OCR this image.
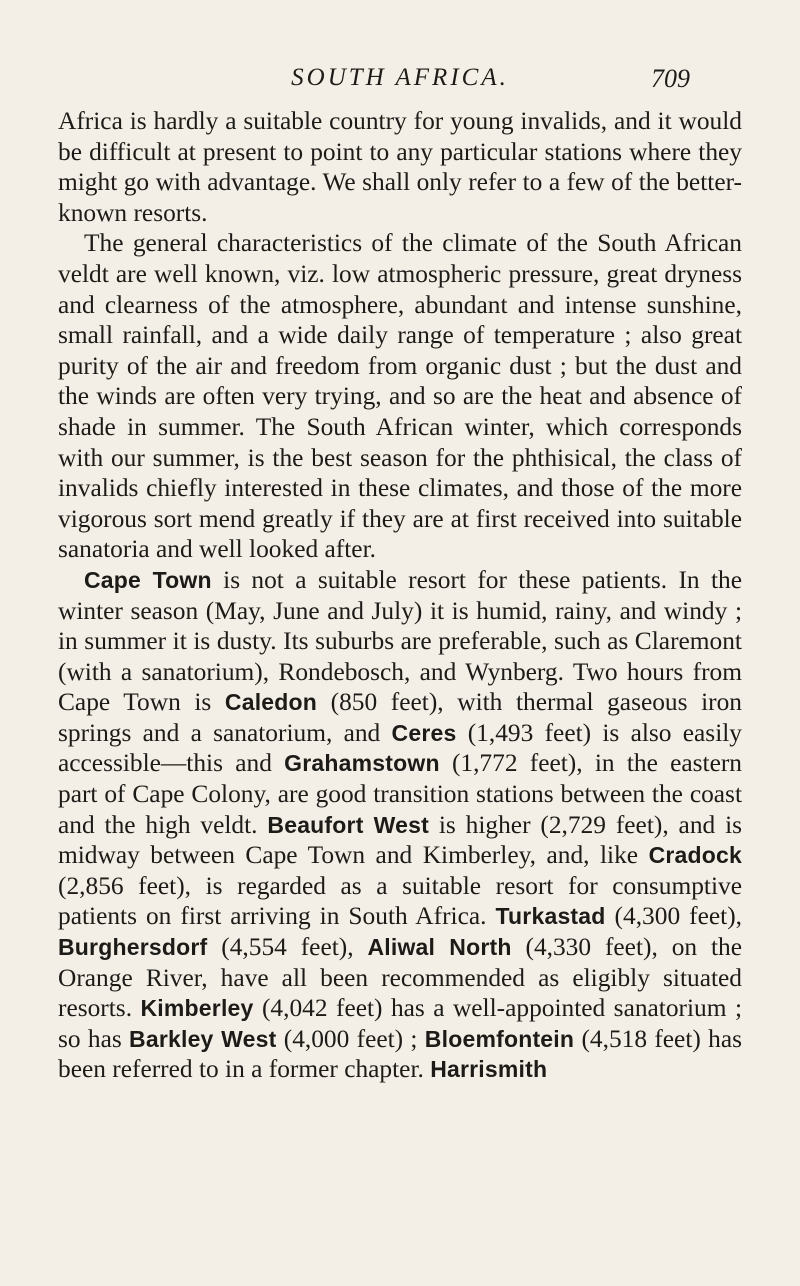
SOUTH AFRICA.	709

Africa is hardly a suitable country for young invalids, and it would be difficult at present to point to any particular stations where they might go with advantage. We shall only refer to a few of the better-known resorts.

The general characteristics of the climate of the South African veldt are well known, viz. low atmospheric pressure, great dryness and clearness of the atmosphere, abundant and intense sunshine, small rainfall, and a wide daily range of temperature ; also great purity of the air and freedom from organic dust ; but the dust and the winds are often very trying, and so are the heat and absence of shade in summer. The South African winter, which corresponds with our summer, is the best season for the phthisical, the class of invalids chiefly interested in these climates, and those of the more vigorous sort mend greatly if they are at first received into suitable sanatoria and well looked after.

Cape Town is not a suitable resort for these patients. In the winter season (May, June and July) it is humid, rainy, and windy ; in summer it is dusty. Its suburbs are preferable, such as Claremont (with a sanatorium), Rondebosch, and Wynberg. Two hours from Cape Town is Caledon (850 feet), with thermal gaseous iron springs and a sanatorium, and Ceres (1,493 feet) is also easily accessible—this and Grahamstown (1,772 feet), in the eastern part of Cape Colony, are good transition stations between the coast and the high veldt. Beaufort West is higher (2,729 feet), and is midway between Cape Town and Kimberley, and, like Cradock (2,856 feet), is regarded as a suitable resort for consumptive patients on first arriving in South Africa. Turkastad (4,300 feet), Burghersdorf (4,554 feet), Aliwal North (4,330 feet), on the Orange River, have all been recommended as eligibly situated resorts. Kimberley (4,042 feet) has a well-appointed sanatorium ; so has Barkley West (4,000 feet) ; Bloemfontein (4,518 feet) has been referred to in a former chapter. Harrismith
